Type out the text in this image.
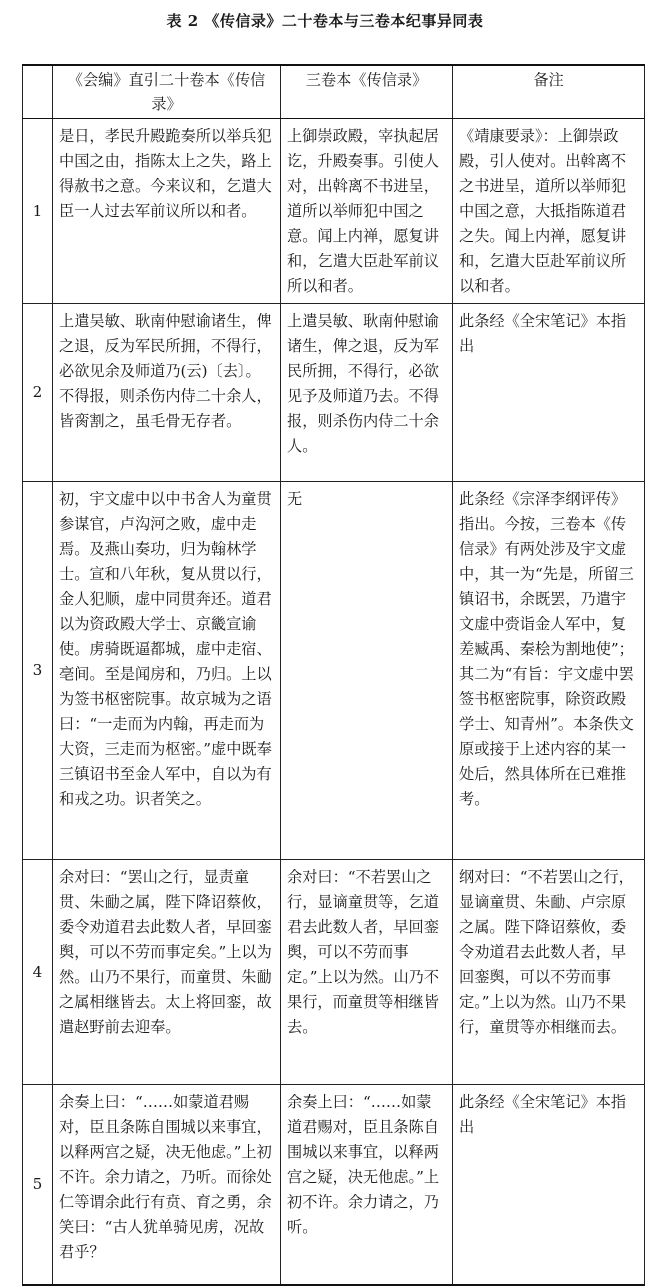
表 2 《传信录》二十卷本与三卷本纪事异同表
	《会编》直引二十卷本《传信录》	三卷本《传信录》	备注
1	是日，孝民升殿跪奏所以举兵犯中国之由，指陈太上之失，路上得赦书之意。今来议和，乞遣大臣一人过去军前议所以和者。	上御崇政殿，宰执起居讫，升殿奏事。引使人对，出斡离不书进呈，道所以举师犯中国之意。闻上内禅，愿复讲和，乞遣大臣赴军前议所以和者。	《靖康要录》：上御崇政殿，引人使对。出斡离不之书进呈，道所以举师犯中国之意，大抵指陈道君之失。闻上内禅，愿复讲和，乞遣大臣赴军前议所以和者。
2	上遣吴敏、耿南仲慰谕诸生，俾之退，反为军民所拥，不得行，必欲见余及师道乃(云)〔去〕。不得报，则杀伤内侍二十余人，皆脔割之，虽毛骨无存者。	上遣吴敏、耿南仲慰谕诸生，俾之退，反为军民所拥，不得行，必欲见予及师道乃去。不得报，则杀伤内侍二十余人。	此条经《全宋笔记》本指出
3	初，宇文虚中以中书舍人为童贯参谋官，卢沟河之败，虚中走焉。及燕山奏功，归为翰林学士。宣和八年秋，复从贯以行，金人犯顺，虚中同贯奔还。道君以为资政殿大学士、京畿宣谕使。虏骑既逼都城，虚中走宿、亳间。至是闻房和，乃归。上以为签书枢密院事。故京城为之语曰：“一走而为内翰，再走而为大资，三走而为枢密。”虚中既奉三镇诏书至金人军中，自以为有和戎之功。识者笑之。	无	此条经《宗泽李纲评传》指出。今按，三卷本《传信录》有两处涉及宇文虚中，其一为“先是，所留三镇诏书，余既罢，乃遣宇文虚中赍诣金人军中，复差臧禹、秦桧为割地使”；其二为“有旨：宇文虚中罢签书枢密院事，除资政殿学士、知青州”。本条佚文原或接于上述内容的某一处后，然具体所在已难推考。
4	余对曰：“罢山之行，显责童贯、朱勔之属，陛下降诏蔡攸，委令劝道君去此数人者，早回銮舆，可以不劳而事定矣。”上以为然。山乃不果行，而童贯、朱勔之属相继皆去。太上将回銮，故遣赵野前去迎奉。	余对曰：“不若罢山之行，显谪童贯等，乞道君去此数人者，早回銮舆，可以不劳而事定。”上以为然。山乃不果行，而童贯等相继皆去。	纲对曰：“不若罢山之行，显谪童贯、朱勔、卢宗原之属。陛下降诏蔡攸，委令劝道君去此数人者，早回銮舆，可以不劳而事定。”上以为然。山乃不果行，童贯等亦相继而去。
5	余奏上曰：“……如蒙道君赐对，臣且条陈自围城以来事宜，以释两宫之疑，决无他虑。”上初不许。余力请之，乃听。而徐处仁等谓余此行有贲、育之勇，余笑曰：“古人犹单骑见虏，况故君乎？	余奏上曰：“……如蒙道君赐对，臣且条陈自围城以来事宜，以释两宫之疑，决无他虑。”上初不许。余力请之，乃听。	此条经《全宋笔记》本指出
